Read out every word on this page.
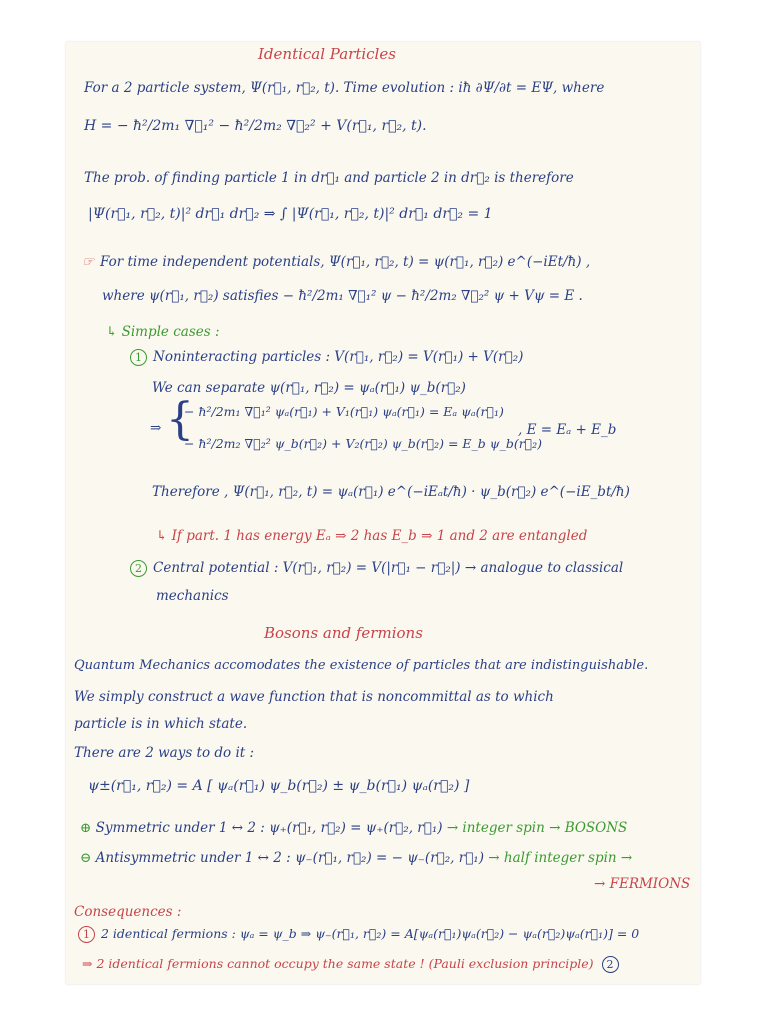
Identical Particles
For a 2 particle system, Ψ(r⃗₁, r⃗₂, t). Time evolution : iħ ∂Ψ/∂t = EΨ, where
H = − ħ²/2m₁ ∇⃗₁² − ħ²/2m₂ ∇⃗₂² + V(r⃗₁, r⃗₂, t).
The prob. of finding particle 1 in dr⃗₁ and particle 2 in dr⃗₂ is therefore
|Ψ(r⃗₁, r⃗₂, t)|² dr⃗₁ dr⃗₂ ⇒ ∫ |Ψ(r⃗₁, r⃗₂, t)|² dr⃗₁ dr⃗₂ = 1
☞ For time independent potentials, Ψ(r⃗₁, r⃗₂, t) = ψ(r⃗₁, r⃗₂) e^(−iEt/ħ) ,
where ψ(r⃗₁, r⃗₂) satisfies − ħ²/2m₁ ∇⃗₁² ψ − ħ²/2m₂ ∇⃗₂² ψ + Vψ = E .
↳ Simple cases :
1 Noninteracting particles : V(r⃗₁, r⃗₂) = V(r⃗₁) + V(r⃗₂)
We can separate ψ(r⃗₁, r⃗₂) = ψₐ(r⃗₁) ψ_b(r⃗₂)
⇒ {
− ħ²/2m₁ ∇⃗₁² ψₐ(r⃗₁) + V₁(r⃗₁) ψₐ(r⃗₁) = Eₐ ψₐ(r⃗₁)
− ħ²/2m₂ ∇⃗₂² ψ_b(r⃗₂) + V₂(r⃗₂) ψ_b(r⃗₂) = E_b ψ_b(r⃗₂)
, E = Eₐ + E_b
Therefore , Ψ(r⃗₁, r⃗₂, t) = ψₐ(r⃗₁) e^(−iEₐt/ħ) · ψ_b(r⃗₂) e^(−iE_bt/ħ)
↳ If part. 1 has energy Eₐ ⇒ 2 has E_b ⇒ 1 and 2 are entangled
2 Central potential : V(r⃗₁, r⃗₂) = V(|r⃗₁ − r⃗₂|) → analogue to classical
mechanics
Bosons and fermions
Quantum Mechanics accomodates the existence of particles that are indistinguishable.
We simply construct a wave function that is noncommittal as to which
particle is in which state.
There are 2 ways to do it :
ψ±(r⃗₁, r⃗₂) = A [ ψₐ(r⃗₁) ψ_b(r⃗₂) ± ψ_b(r⃗₁) ψₐ(r⃗₂) ]
⊕ Symmetric under 1 ↔ 2 : ψ₊(r⃗₁, r⃗₂) = ψ₊(r⃗₂, r⃗₁) → integer spin → BOSONS
⊖ Antisymmetric under 1 ↔ 2 : ψ₋(r⃗₁, r⃗₂) = − ψ₋(r⃗₂, r⃗₁) → half integer spin →
→ FERMIONS
Consequences :
1 2 identical fermions : ψₐ = ψ_b ⇒ ψ₋(r⃗₁, r⃗₂) = A[ψₐ(r⃗₁)ψₐ(r⃗₂) − ψₐ(r⃗₂)ψₐ(r⃗₁)] = 0
⇒ 2 identical fermions cannot occupy the same state ! (Pauli exclusion principle) 2
